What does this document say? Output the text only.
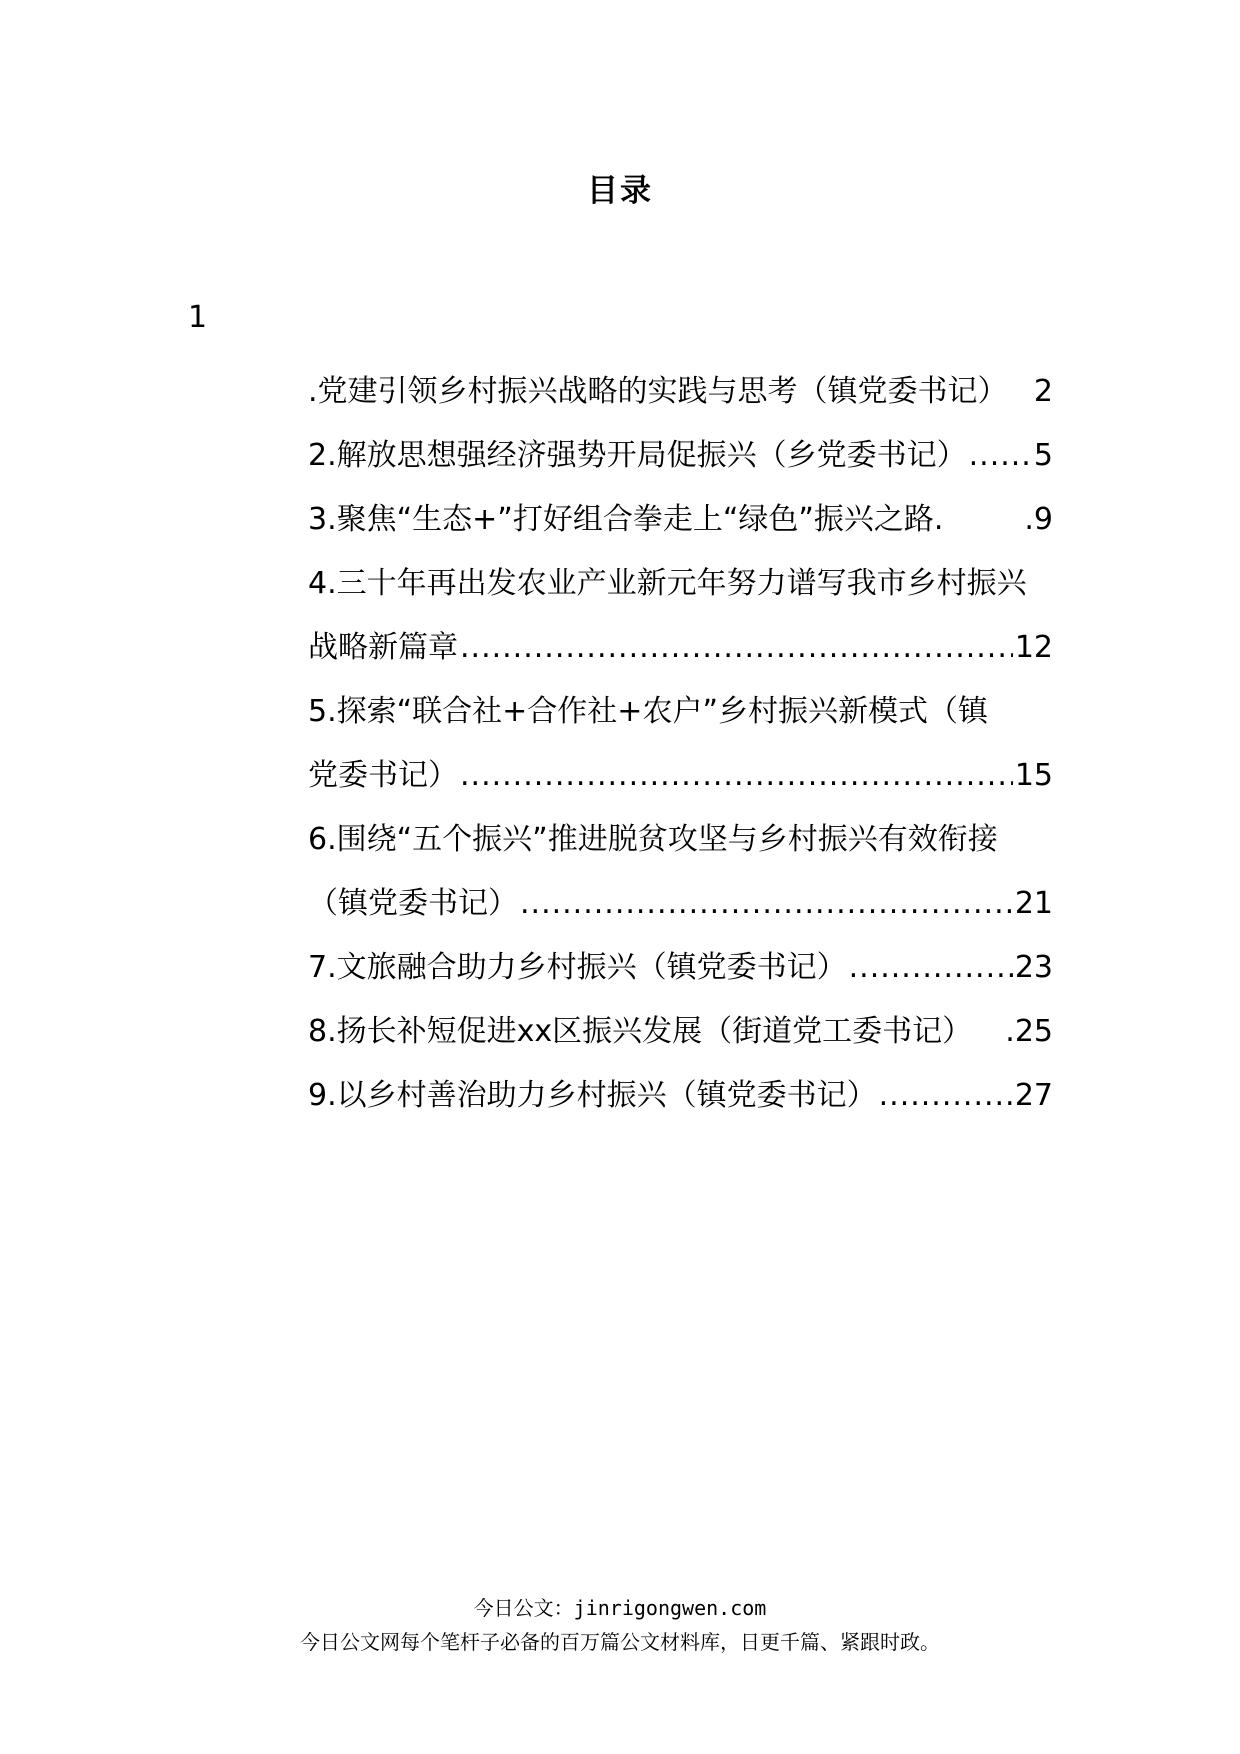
目录
1
.党建引领乡村振兴战略的实践与思考（镇党委书记） 2
2.解放思想强经济强势开局促振兴（乡党委书记） ..... 5
3.聚焦“生态+”打好组合拳走上“绿色”振兴之路.	.9
4.三十年再出发农业产业新元年努力谱写我市乡村振兴
战略新篇章 .....	12
5.探索“联合社+合作社+农户”乡村振兴新模式（镇
党委书记） .....	15
6.围绕“五个振兴”推进脱贫攻坚与乡村振兴有效衔接
（镇党委书记） .....	21
7.文旅融合助力乡村振兴（镇党委书记） .....	23
8.扬长补短促进xx区振兴发展（街道党工委书记）	.25
9.以乡村善治助力乡村振兴（镇党委书记） .....	27
今日公文：jinrigongwen.com
今日公文网每个笔杆子必备的百万篇公文材料库，日更千篇、紧跟时政。
